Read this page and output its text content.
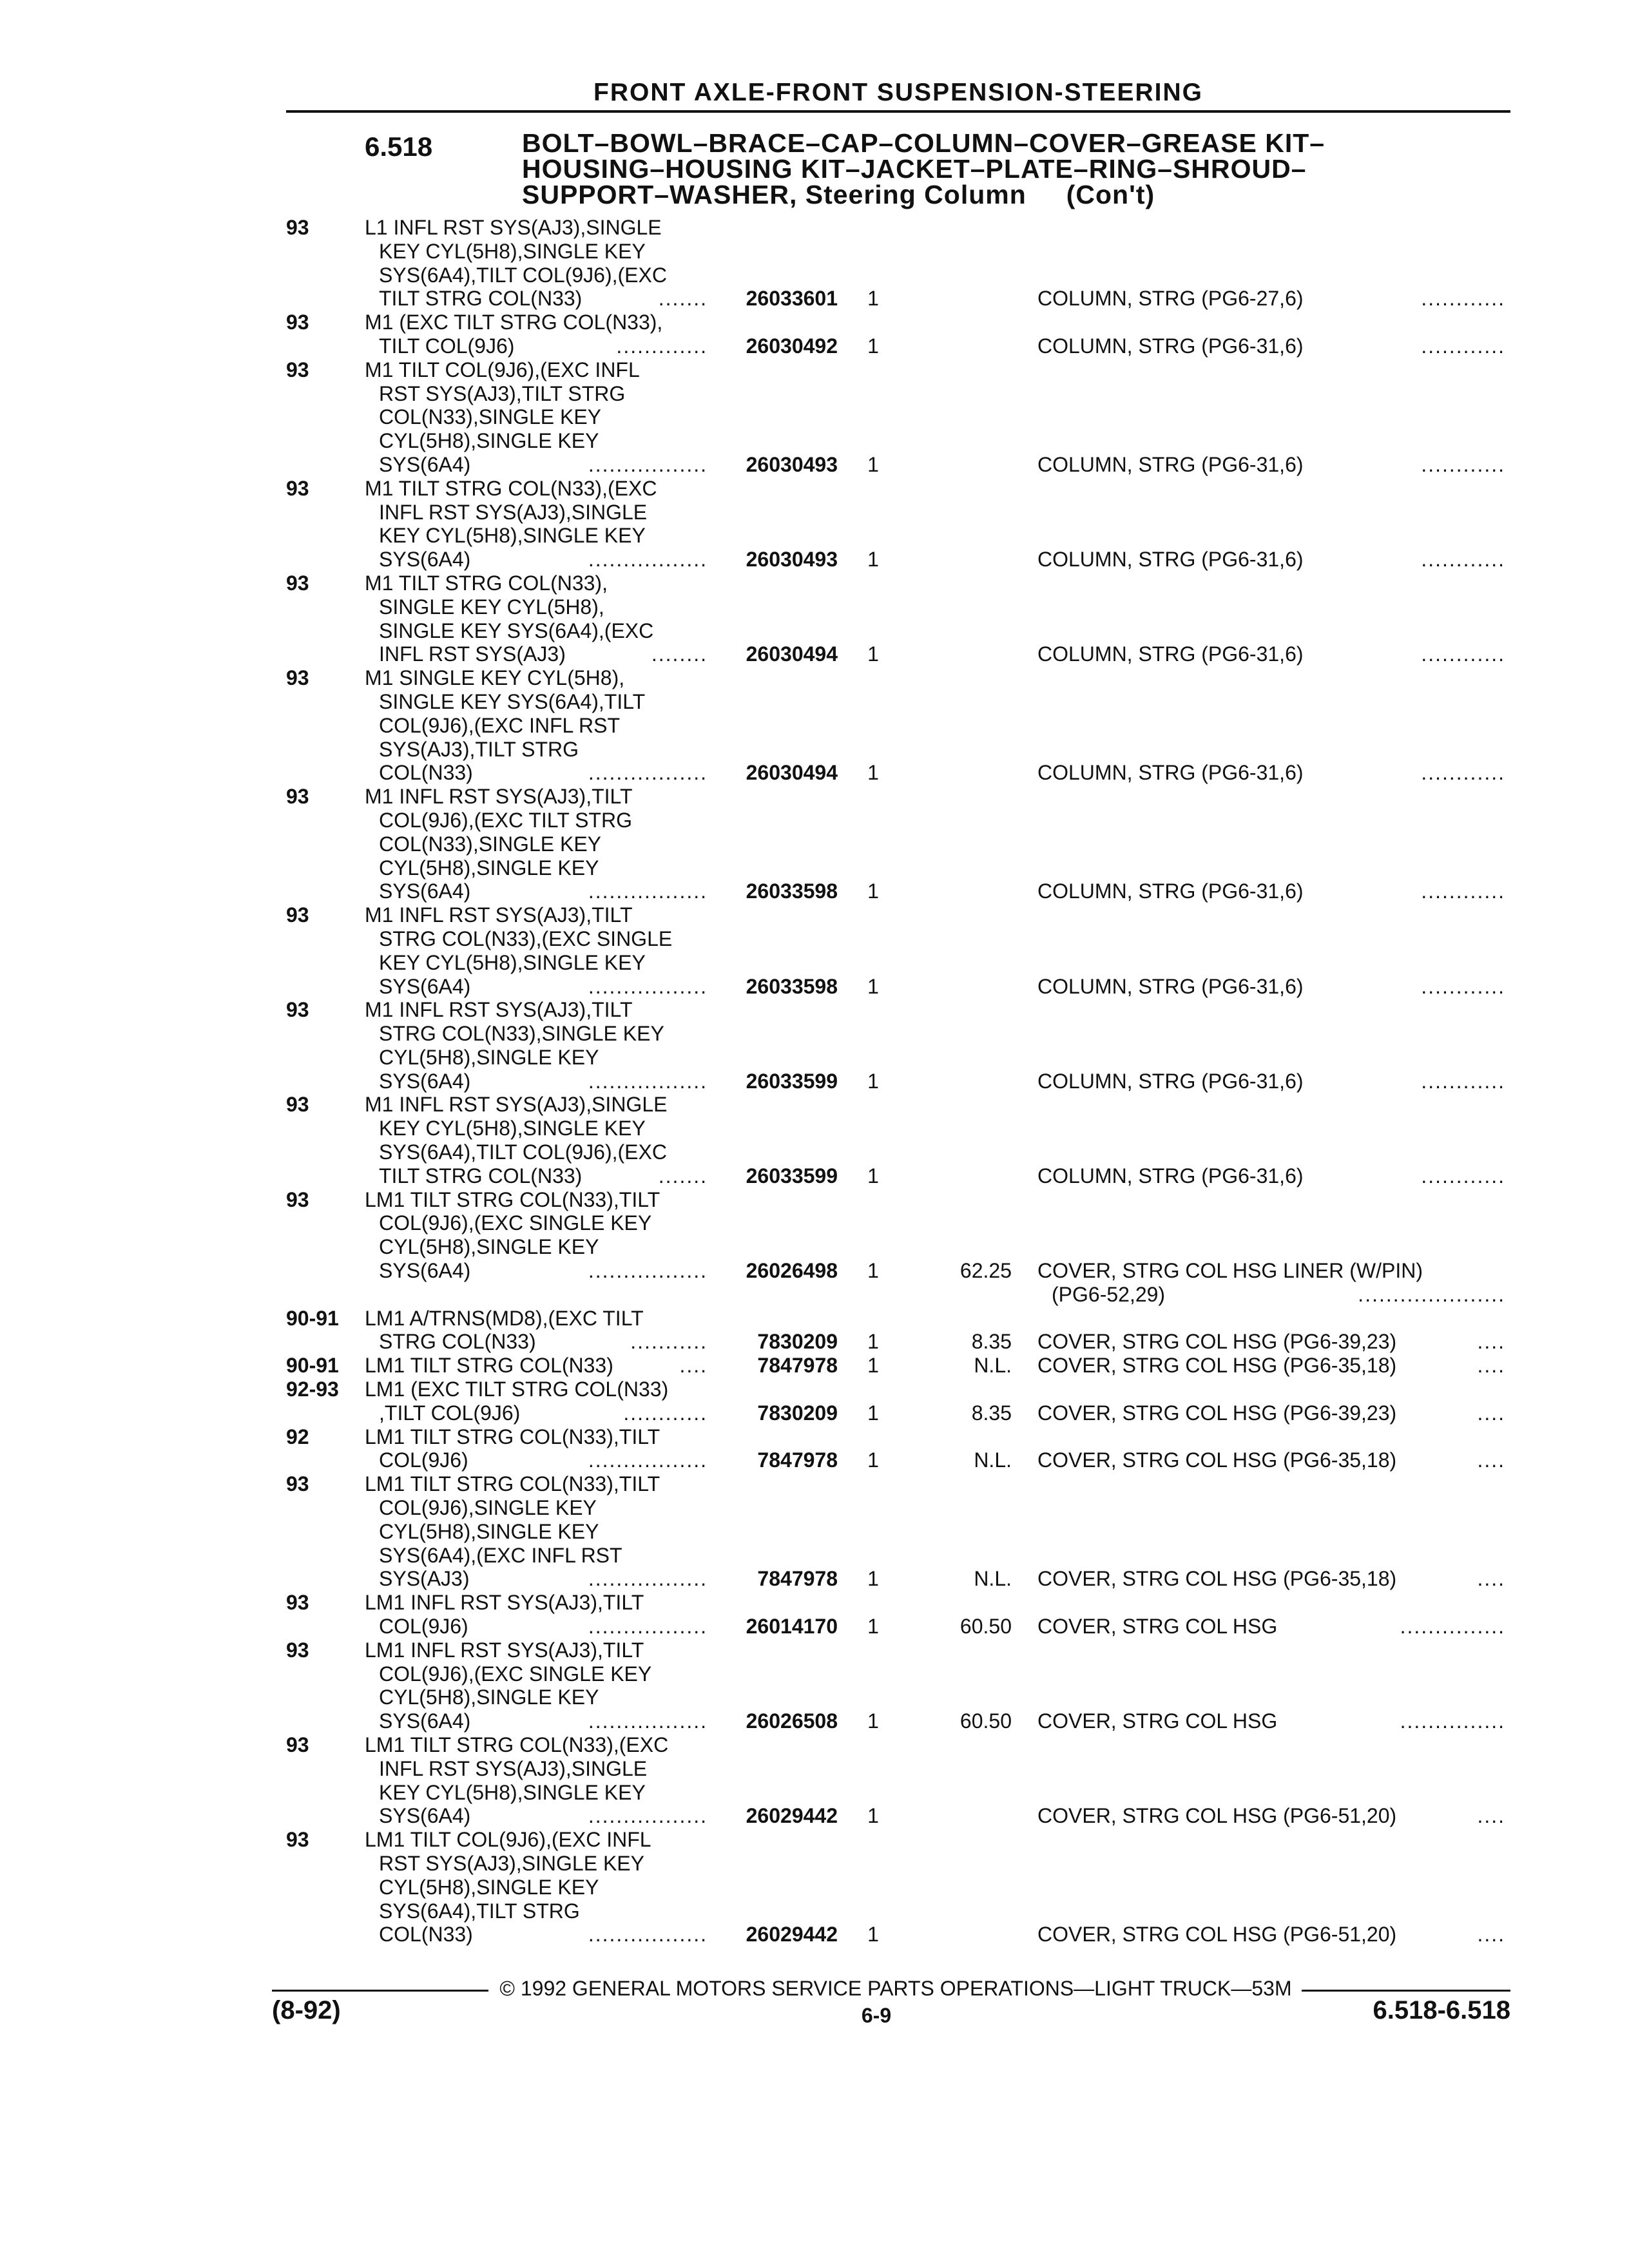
FRONT AXLE-FRONT SUSPENSION-STEERING
6.518	BOLT–BOWL–BRACE–CAP–COLUMN–COVER–GREASE KIT–
HOUSING–HOUSING KIT–JACKET–PLATE–RING–SHROUD–
SUPPORT–WASHER, Steering Column (Con't)
93	L1 INFL RST SYS(AJ3),SINGLE
KEY CYL(5H8),SINGLE KEY
SYS(6A4),TILT COL(9J6),(EXC
TILT STRG COL(N33)	.......	26033601 1	COLUMN, STRG (PG6-27,6)	............
93	M1 (EXC TILT STRG COL(N33),
TILT COL(9J6)	.............	26030492 1	COLUMN, STRG (PG6-31,6)	............
93	M1 TILT COL(9J6),(EXC INFL
RST SYS(AJ3),TILT STRG
COL(N33),SINGLE KEY
CYL(5H8),SINGLE KEY
SYS(6A4)	.................	26030493 1	COLUMN, STRG (PG6-31,6)	............
93	M1 TILT STRG COL(N33),(EXC
INFL RST SYS(AJ3),SINGLE
KEY CYL(5H8),SINGLE KEY
SYS(6A4)	.................	26030493 1	COLUMN, STRG (PG6-31,6)	............
93	M1 TILT STRG COL(N33),
SINGLE KEY CYL(5H8),
SINGLE KEY SYS(6A4),(EXC
INFL RST SYS(AJ3)	........	26030494 1	COLUMN, STRG (PG6-31,6)	............
93	M1 SINGLE KEY CYL(5H8),
SINGLE KEY SYS(6A4),TILT
COL(9J6),(EXC INFL RST
SYS(AJ3),TILT STRG
COL(N33)	.................	26030494 1	COLUMN, STRG (PG6-31,6)	............
93	M1 INFL RST SYS(AJ3),TILT
COL(9J6),(EXC TILT STRG
COL(N33),SINGLE KEY
CYL(5H8),SINGLE KEY
SYS(6A4)	.................	26033598 1	COLUMN, STRG (PG6-31,6)	............
93	M1 INFL RST SYS(AJ3),TILT
STRG COL(N33),(EXC SINGLE
KEY CYL(5H8),SINGLE KEY
SYS(6A4)	.................	26033598 1	COLUMN, STRG (PG6-31,6)	............
93	M1 INFL RST SYS(AJ3),TILT
STRG COL(N33),SINGLE KEY
CYL(5H8),SINGLE KEY
SYS(6A4)	.................	26033599 1	COLUMN, STRG (PG6-31,6)	............
93	M1 INFL RST SYS(AJ3),SINGLE
KEY CYL(5H8),SINGLE KEY
SYS(6A4),TILT COL(9J6),(EXC
TILT STRG COL(N33)	.......	26033599 1	COLUMN, STRG (PG6-31,6)	............
93	LM1 TILT STRG COL(N33),TILT
COL(9J6),(EXC SINGLE KEY
CYL(5H8),SINGLE KEY
SYS(6A4)	.................	26026498 1	62.25 COVER, STRG COL HSG LINER (W/PIN)
(PG6-52,29)	.....................
90-91	LM1 A/TRNS(MD8),(EXC TILT
STRG COL(N33)	...........	7830209 1	8.35 COVER, STRG COL HSG (PG6-39,23)	....
90-91	LM1 TILT STRG COL(N33)	....	7847978 1	N.L. COVER, STRG COL HSG (PG6-35,18)	....
92-93	LM1 (EXC TILT STRG COL(N33)
,TILT COL(9J6)	............	7830209 1	8.35 COVER, STRG COL HSG (PG6-39,23)	....
92	LM1 TILT STRG COL(N33),TILT
COL(9J6)	.................	7847978 1	N.L. COVER, STRG COL HSG (PG6-35,18)	....
93	LM1 TILT STRG COL(N33),TILT
COL(9J6),SINGLE KEY
CYL(5H8),SINGLE KEY
SYS(6A4),(EXC INFL RST
SYS(AJ3)	.................	7847978 1	N.L. COVER, STRG COL HSG (PG6-35,18)	....
93	LM1 INFL RST SYS(AJ3),TILT
COL(9J6)	.................	26014170 1	60.50 COVER, STRG COL HSG	...............
93	LM1 INFL RST SYS(AJ3),TILT
COL(9J6),(EXC SINGLE KEY
CYL(5H8),SINGLE KEY
SYS(6A4)	.................	26026508 1	60.50 COVER, STRG COL HSG	...............
93	LM1 TILT STRG COL(N33),(EXC
INFL RST SYS(AJ3),SINGLE
KEY CYL(5H8),SINGLE KEY
SYS(6A4)	.................	26029442 1	COVER, STRG COL HSG (PG6-51,20)	....
93	LM1 TILT COL(9J6),(EXC INFL
RST SYS(AJ3),SINGLE KEY
CYL(5H8),SINGLE KEY
SYS(6A4),TILT STRG
COL(N33)	.................	26029442 1	COVER, STRG COL HSG (PG6-51,20)	....
© 1992 GENERAL MOTORS SERVICE PARTS OPERATIONS—LIGHT TRUCK—53M
(8-92)	6-9	6.518-6.518
